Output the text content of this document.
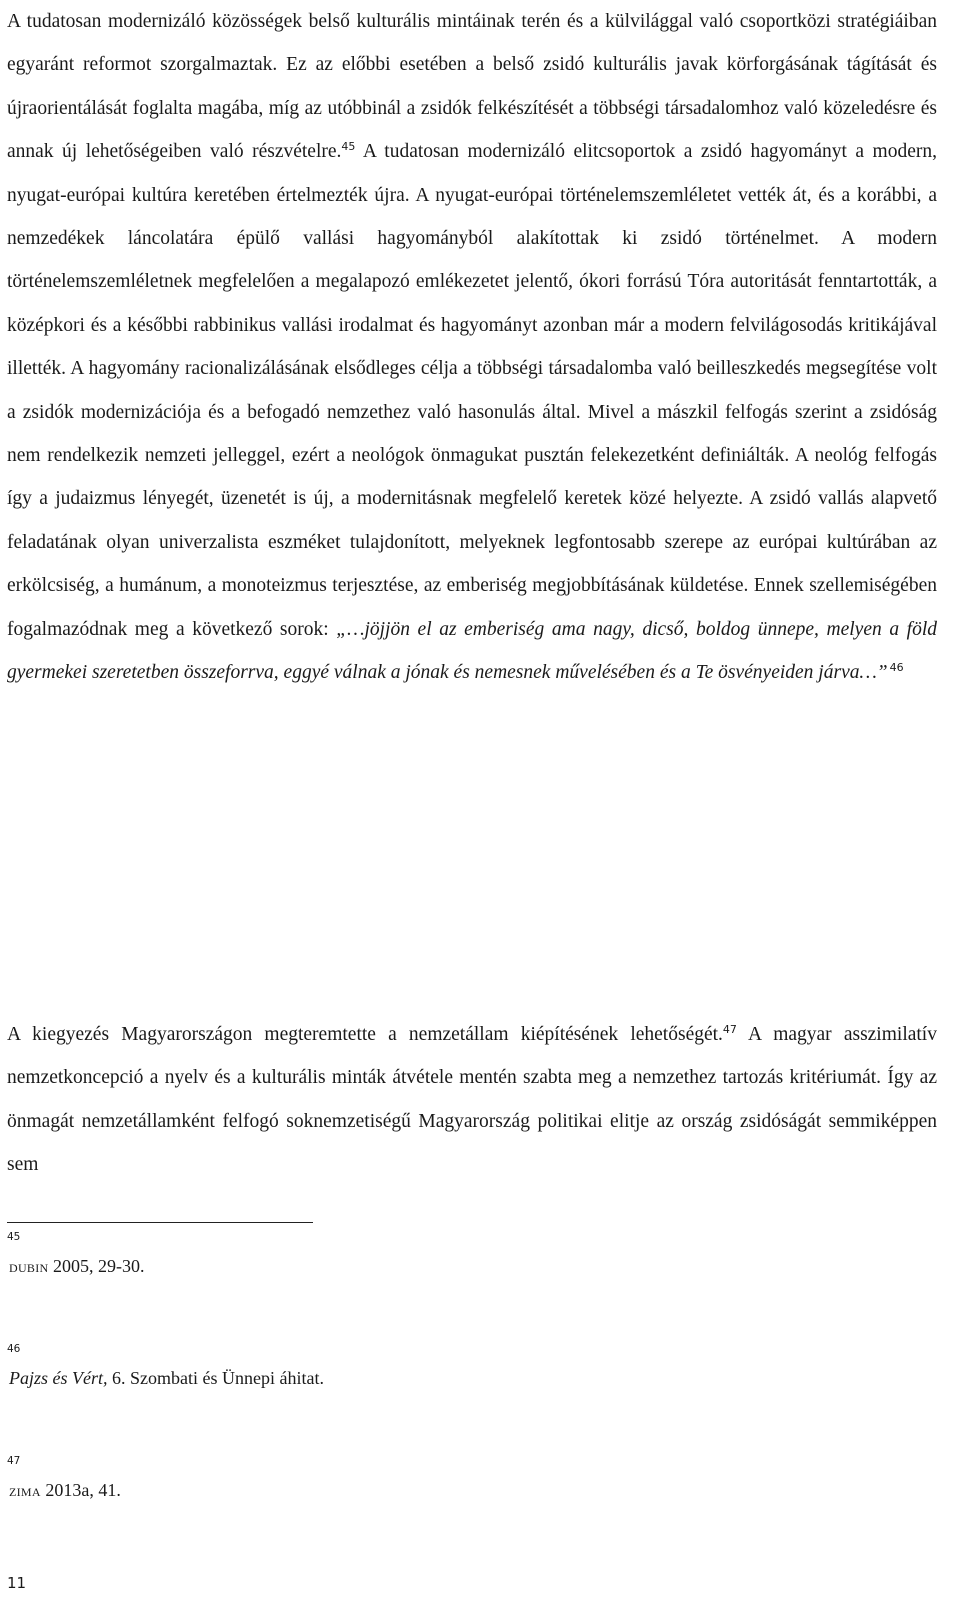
A tudatosan modernizáló közösségek belső kulturális mintáinak terén és a külvilággal való csoportközi stratégiáiban egyaránt reformot szorgalmaztak. Ez az előbbi esetében a belső zsidó kulturális javak körforgásának tágítását és újraorientálását foglalta magába, míg az utóbbinál a zsidók felkészítését a többségi társadalomhoz való közeledésre és annak új lehetőségeiben való részvételre.$^{45}$ A tudatosan modernizáló elitcsoportok a zsidó hagyományt a modern, nyugat-európai kultúra keretében értelmezték újra. A nyugat-európai történelemszemléletet vették át, és a korábbi, a nemzedékek láncolatára épülő vallási hagyományból alakítottak ki zsidó történelmet. A modern történelemszemléletnek megfelelően a megalapozó emlékezetet jelentő, ókori forrású Tóra autoritását fenntartották, a középkori és a későbbi rabbinikus vallási irodalmat és hagyományt azonban már a modern felvilágosodás kritikájával illették. A hagyomány racionalizálásának elsődleges célja a többségi társadalomba való beilleszkedés megsegítése volt a zsidók modernizációja és a befogadó nemzethez való hasonulás által. Mivel a mászkil felfogás szerint a zsidóság nem rendelkezik nemzeti jelleggel, ezért a neológok önmagukat pusztán felekezetként definiálták. A neológ felfogás így a judaizmus lényegét, üzenetét is új, a modernitásnak megfelelő keretek közé helyezte. A zsidó vallás alapvető feladatának olyan univerzalista eszméket tulajdonított, melyeknek legfontosabb szerepe az európai kultúrában az erkölcsiség, a humánum, a monoteizmus terjesztése, az emberiség megjobbításának küldetése. Ennek szellemiségében fogalmazódnak meg a következő sorok: „…jöjjön el az emberiség ama nagy, dicső, boldog ünnepe, melyen a föld gyermekei szeretetben összeforrva, eggyé válnak a jónak és nemesnek művelésében és a Te ösvényeiden járva…” $^{46}$

A kiegyezés Magyarországon megteremtette a nemzetállam kiépítésének lehetőségét.$^{47}$ A magyar asszimilatív nemzetkoncepció a nyelv és a kulturális minták átvétele mentén szabta meg a nemzethez tartozás kritériumát. Így az önmagát nemzetállamként felfogó soknemzetiségű Magyarország politikai elitje az ország zsidóságát semmiképpen sem

45
DUBIN 2005, 29-30.
46
Pajzs és Vért, 6. Szombati és Ünnepi áhitat.
47
ZIMA 2013a, 41.
11
